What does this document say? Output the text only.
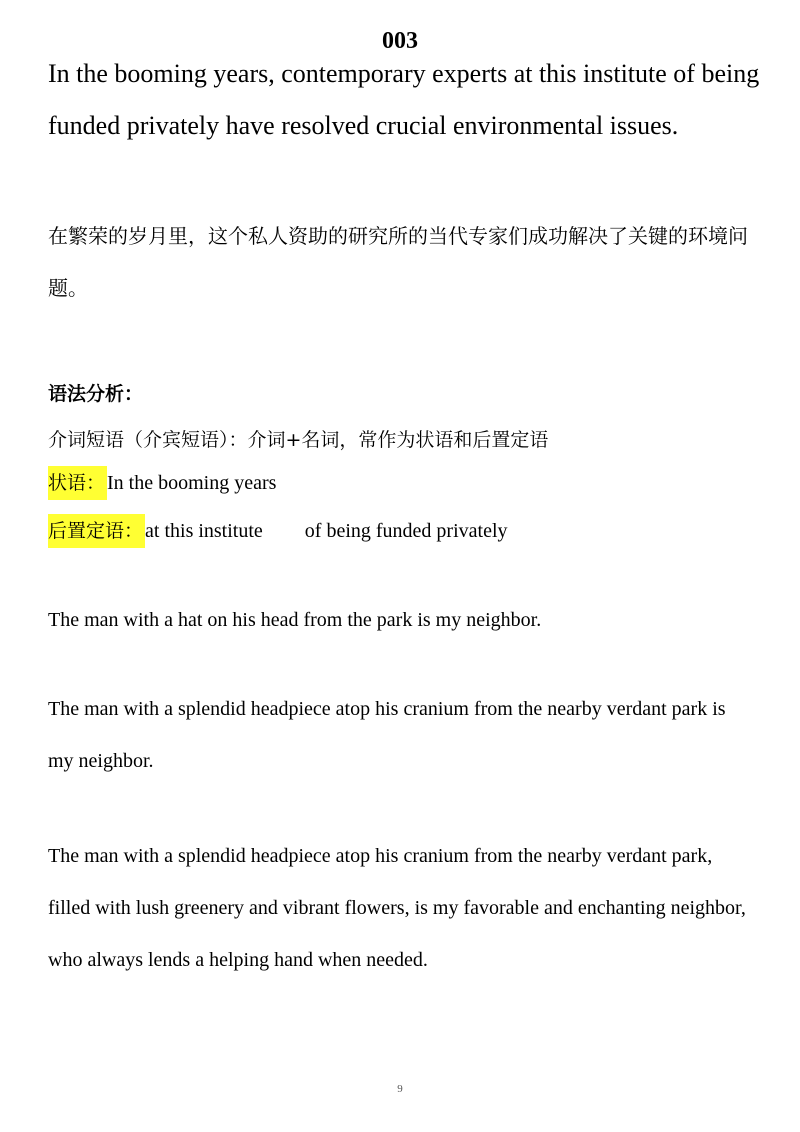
003

In the booming years, contemporary experts at this institute of being funded privately have resolved crucial environmental issues.

在繁荣的岁月里，这个私人资助的研究所的当代专家们成功解决了关键的环境问题。

语法分析：
介词短语（介宾短语）：介词+名词，常作为状语和后置定语
状语： In the booming years
后置定语： at this institute of being funded privately

The man with a hat on his head from the park is my neighbor.

The man with a splendid headpiece atop his cranium from the nearby verdant park is my neighbor.

The man with a splendid headpiece atop his cranium from the nearby verdant park, filled with lush greenery and vibrant flowers, is my favorable and enchanting neighbor, who always lends a helping hand when needed.

9
